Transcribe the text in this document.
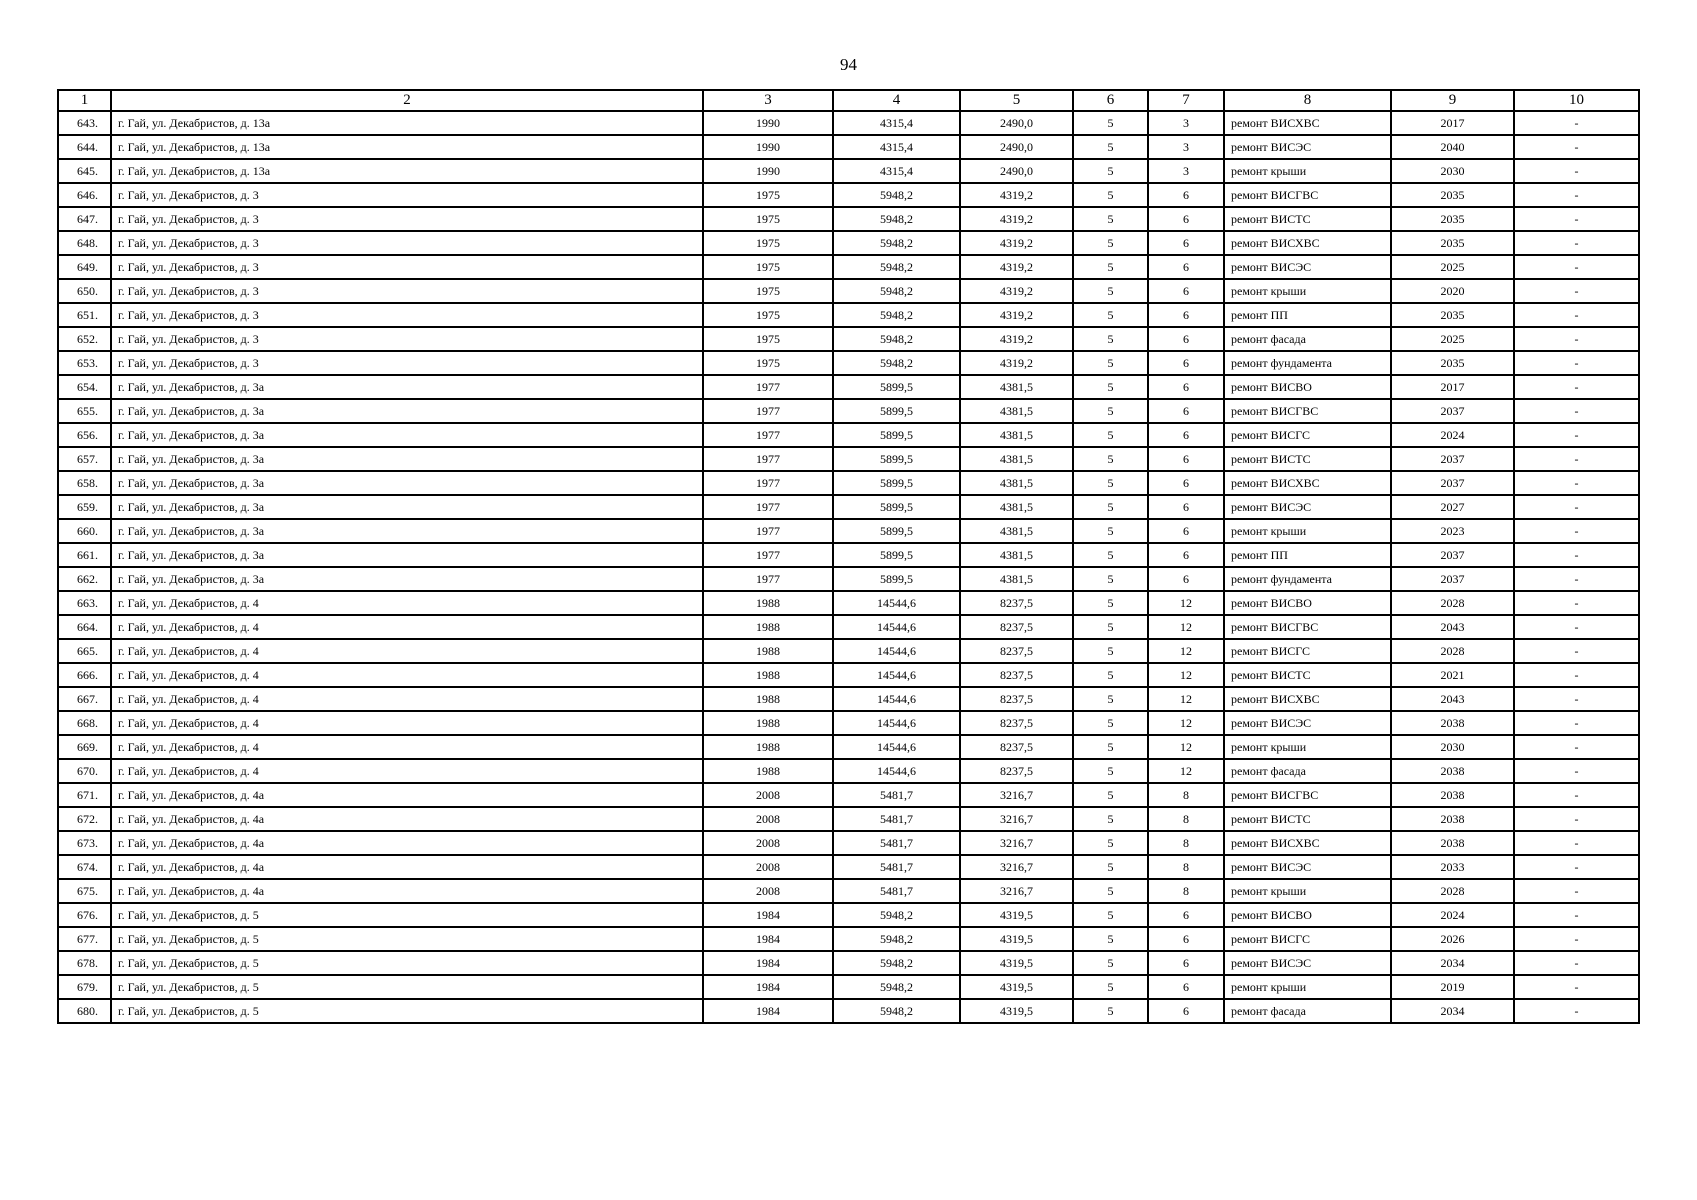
94
1	2	3	4	5	6	7	8	9	10
643.	г. Гай, ул. Декабристов, д. 13а	1990	4315,4	2490,0	5	3	ремонт ВИСХВС	2017	-
644.	г. Гай, ул. Декабристов, д. 13а	1990	4315,4	2490,0	5	3	ремонт ВИСЭС	2040	-
645.	г. Гай, ул. Декабристов, д. 13а	1990	4315,4	2490,0	5	3	ремонт крыши	2030	-
646.	г. Гай, ул. Декабристов, д. 3	1975	5948,2	4319,2	5	6	ремонт ВИСГВС	2035	-
647.	г. Гай, ул. Декабристов, д. 3	1975	5948,2	4319,2	5	6	ремонт ВИСТС	2035	-
648.	г. Гай, ул. Декабристов, д. 3	1975	5948,2	4319,2	5	6	ремонт ВИСХВС	2035	-
649.	г. Гай, ул. Декабристов, д. 3	1975	5948,2	4319,2	5	6	ремонт ВИСЭС	2025	-
650.	г. Гай, ул. Декабристов, д. 3	1975	5948,2	4319,2	5	6	ремонт крыши	2020	-
651.	г. Гай, ул. Декабристов, д. 3	1975	5948,2	4319,2	5	6	ремонт ПП	2035	-
652.	г. Гай, ул. Декабристов, д. 3	1975	5948,2	4319,2	5	6	ремонт фасада	2025	-
653.	г. Гай, ул. Декабристов, д. 3	1975	5948,2	4319,2	5	6	ремонт фундамента	2035	-
654.	г. Гай, ул. Декабристов, д. 3а	1977	5899,5	4381,5	5	6	ремонт ВИСВО	2017	-
655.	г. Гай, ул. Декабристов, д. 3а	1977	5899,5	4381,5	5	6	ремонт ВИСГВС	2037	-
656.	г. Гай, ул. Декабристов, д. 3а	1977	5899,5	4381,5	5	6	ремонт ВИСГС	2024	-
657.	г. Гай, ул. Декабристов, д. 3а	1977	5899,5	4381,5	5	6	ремонт ВИСТС	2037	-
658.	г. Гай, ул. Декабристов, д. 3а	1977	5899,5	4381,5	5	6	ремонт ВИСХВС	2037	-
659.	г. Гай, ул. Декабристов, д. 3а	1977	5899,5	4381,5	5	6	ремонт ВИСЭС	2027	-
660.	г. Гай, ул. Декабристов, д. 3а	1977	5899,5	4381,5	5	6	ремонт крыши	2023	-
661.	г. Гай, ул. Декабристов, д. 3а	1977	5899,5	4381,5	5	6	ремонт ПП	2037	-
662.	г. Гай, ул. Декабристов, д. 3а	1977	5899,5	4381,5	5	6	ремонт фундамента	2037	-
663.	г. Гай, ул. Декабристов, д. 4	1988	14544,6	8237,5	5	12	ремонт ВИСВО	2028	-
664.	г. Гай, ул. Декабристов, д. 4	1988	14544,6	8237,5	5	12	ремонт ВИСГВС	2043	-
665.	г. Гай, ул. Декабристов, д. 4	1988	14544,6	8237,5	5	12	ремонт ВИСГС	2028	-
666.	г. Гай, ул. Декабристов, д. 4	1988	14544,6	8237,5	5	12	ремонт ВИСТС	2021	-
667.	г. Гай, ул. Декабристов, д. 4	1988	14544,6	8237,5	5	12	ремонт ВИСХВС	2043	-
668.	г. Гай, ул. Декабристов, д. 4	1988	14544,6	8237,5	5	12	ремонт ВИСЭС	2038	-
669.	г. Гай, ул. Декабристов, д. 4	1988	14544,6	8237,5	5	12	ремонт крыши	2030	-
670.	г. Гай, ул. Декабристов, д. 4	1988	14544,6	8237,5	5	12	ремонт фасада	2038	-
671.	г. Гай, ул. Декабристов, д. 4а	2008	5481,7	3216,7	5	8	ремонт ВИСГВС	2038	-
672.	г. Гай, ул. Декабристов, д. 4а	2008	5481,7	3216,7	5	8	ремонт ВИСТС	2038	-
673.	г. Гай, ул. Декабристов, д. 4а	2008	5481,7	3216,7	5	8	ремонт ВИСХВС	2038	-
674.	г. Гай, ул. Декабристов, д. 4а	2008	5481,7	3216,7	5	8	ремонт ВИСЭС	2033	-
675.	г. Гай, ул. Декабристов, д. 4а	2008	5481,7	3216,7	5	8	ремонт крыши	2028	-
676.	г. Гай, ул. Декабристов, д. 5	1984	5948,2	4319,5	5	6	ремонт ВИСВО	2024	-
677.	г. Гай, ул. Декабристов, д. 5	1984	5948,2	4319,5	5	6	ремонт ВИСГС	2026	-
678.	г. Гай, ул. Декабристов, д. 5	1984	5948,2	4319,5	5	6	ремонт ВИСЭС	2034	-
679.	г. Гай, ул. Декабристов, д. 5	1984	5948,2	4319,5	5	6	ремонт крыши	2019	-
680.	г. Гай, ул. Декабристов, д. 5	1984	5948,2	4319,5	5	6	ремонт фасада	2034	-
